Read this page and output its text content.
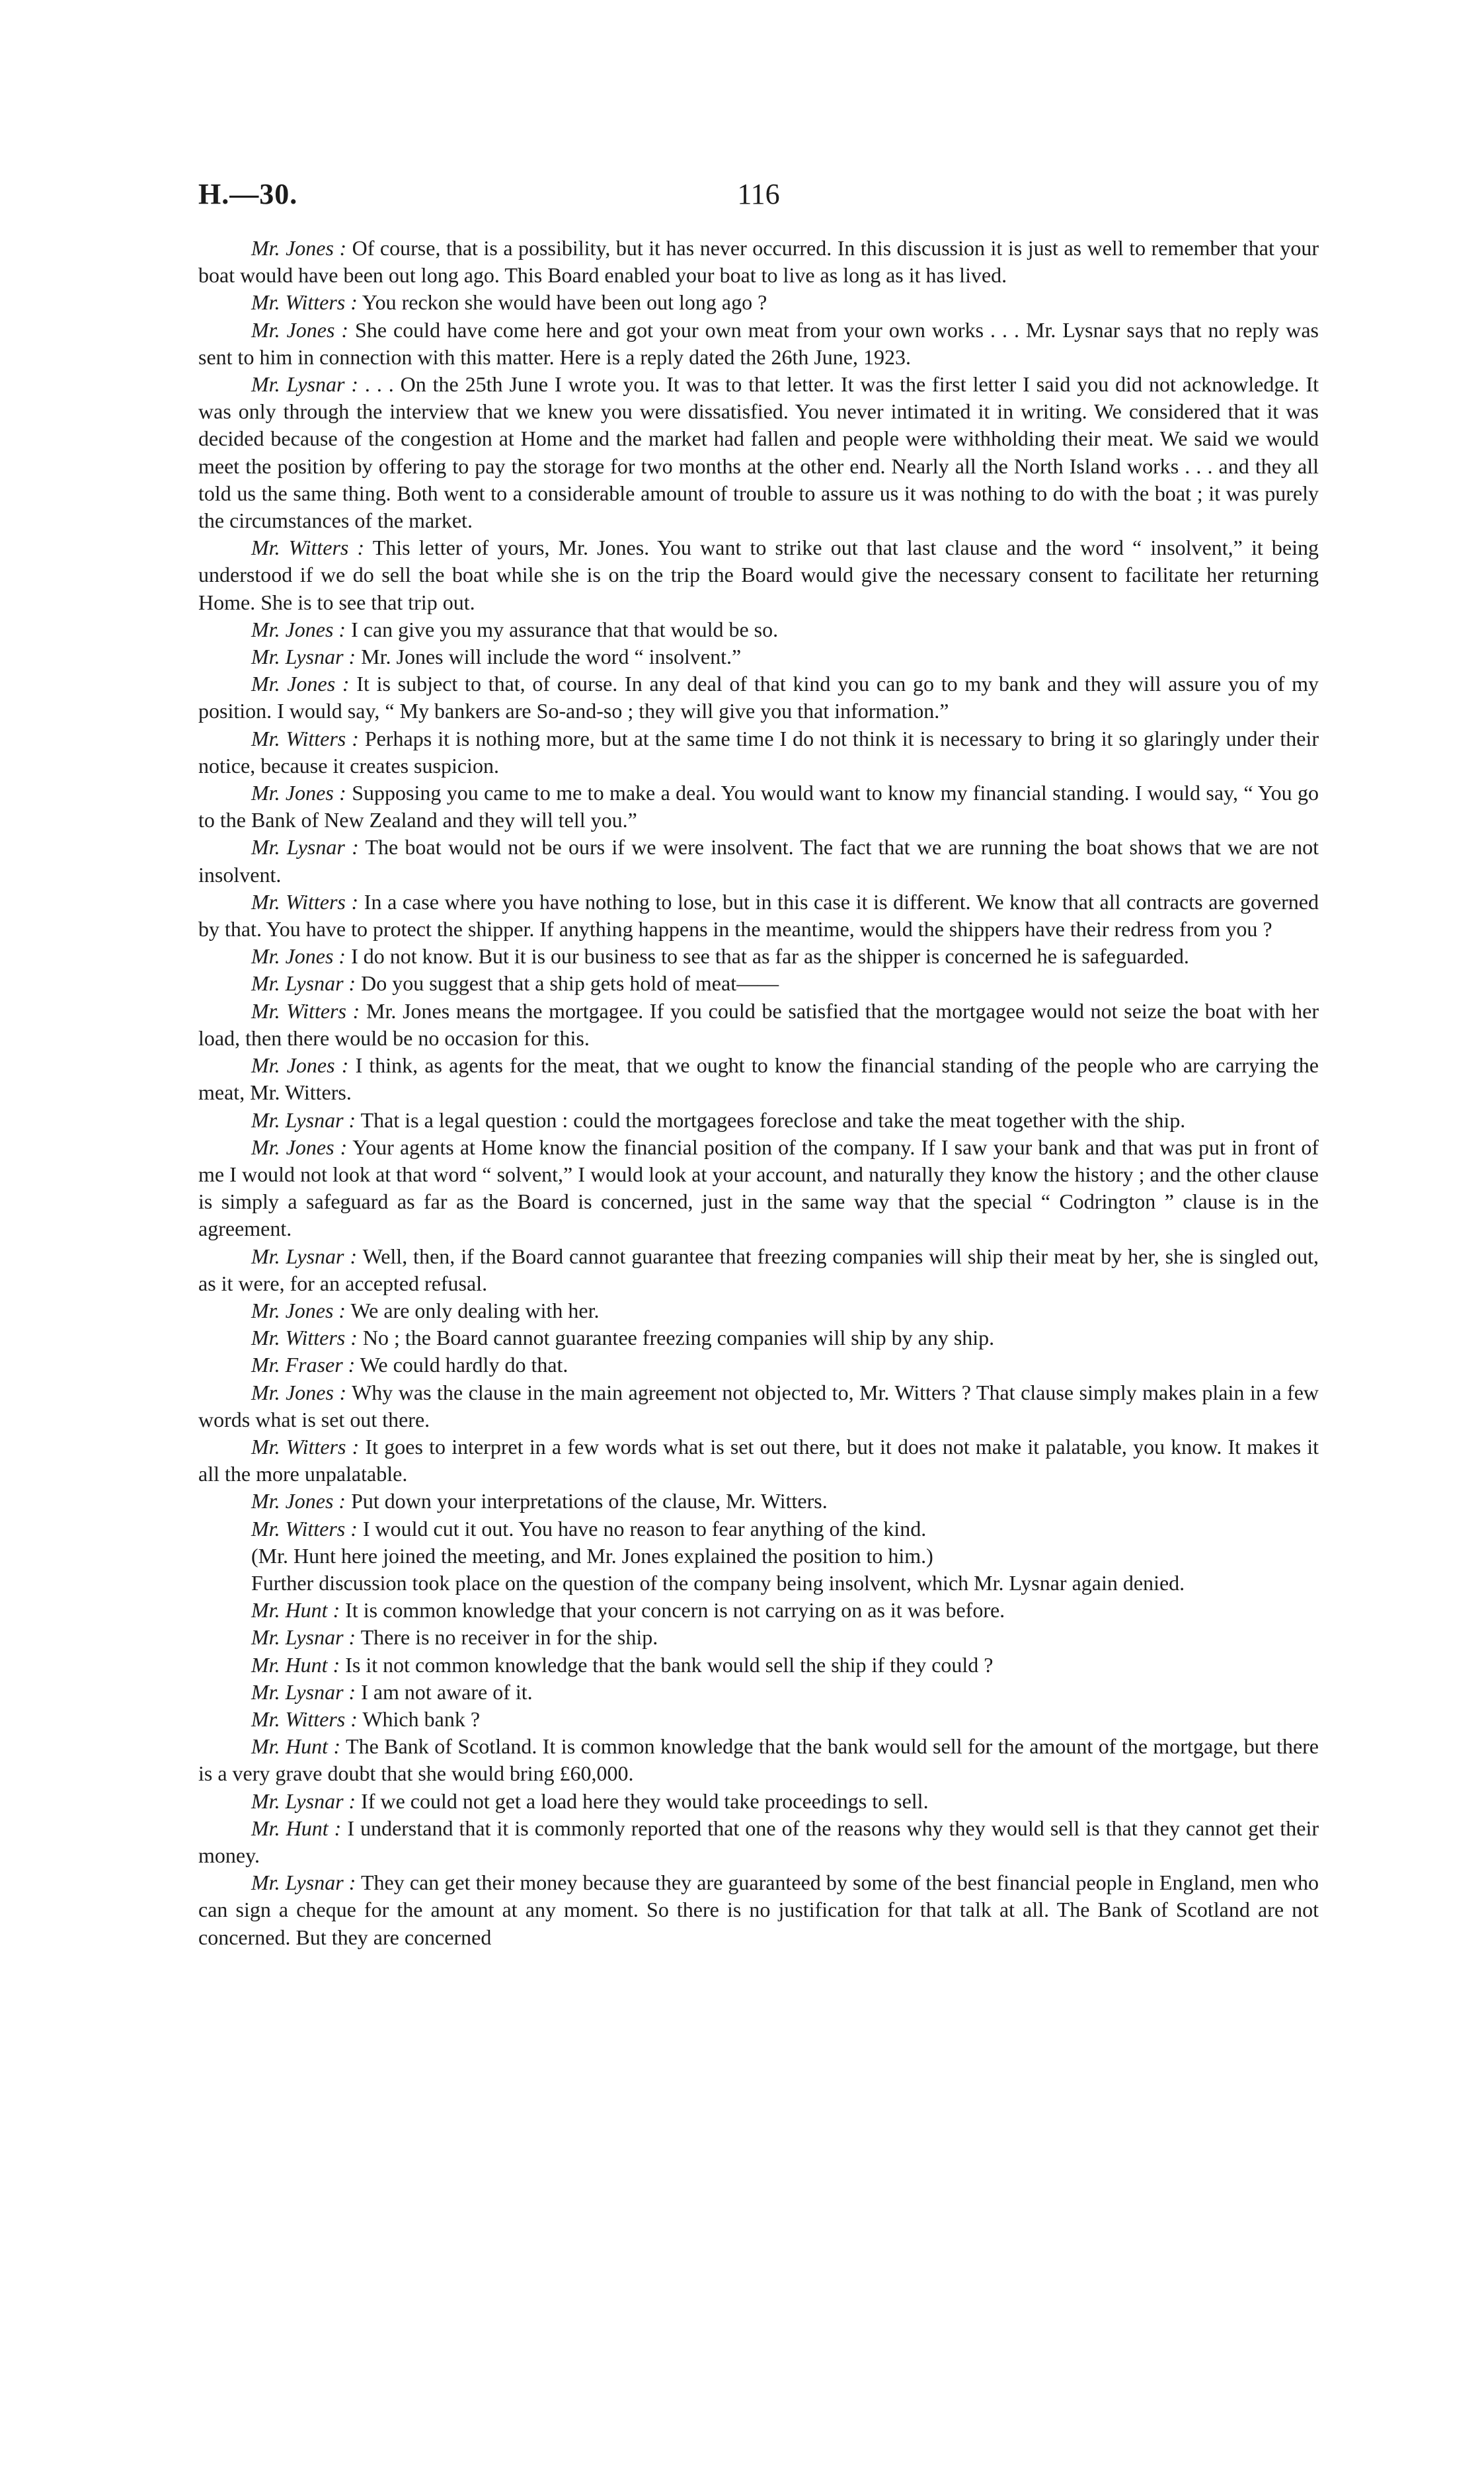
H.—30.	116

Mr. Jones : Of course, that is a possibility, but it has never occurred. In this discussion it is just as well to remember that your boat would have been out long ago. This Board enabled your boat to live as long as it has lived.

Mr. Witters : You reckon she would have been out long ago ?

Mr. Jones : She could have come here and got your own meat from your own works . . . Mr. Lysnar says that no reply was sent to him in connection with this matter. Here is a reply dated the 26th June, 1923.

Mr. Lysnar : . . . On the 25th June I wrote you. It was to that letter. It was the first letter I said you did not acknowledge. It was only through the interview that we knew you were dissatisfied. You never intimated it in writing. We considered that it was decided because of the congestion at Home and the market had fallen and people were withholding their meat. We said we would meet the position by offering to pay the storage for two months at the other end. Nearly all the North Island works . . . and they all told us the same thing. Both went to a considerable amount of trouble to assure us it was nothing to do with the boat ; it was purely the circumstances of the market.

Mr. Witters : This letter of yours, Mr. Jones. You want to strike out that last clause and the word “ insolvent,” it being understood if we do sell the boat while she is on the trip the Board would give the necessary consent to facilitate her returning Home. She is to see that trip out.

Mr. Jones : I can give you my assurance that that would be so.

Mr. Lysnar : Mr. Jones will include the word “ insolvent.”

Mr. Jones : It is subject to that, of course. In any deal of that kind you can go to my bank and they will assure you of my position. I would say, “ My bankers are So-and-so ; they will give you that information.”

Mr. Witters : Perhaps it is nothing more, but at the same time I do not think it is necessary to bring it so glaringly under their notice, because it creates suspicion.

Mr. Jones : Supposing you came to me to make a deal. You would want to know my financial standing. I would say, “ You go to the Bank of New Zealand and they will tell you.”

Mr. Lysnar : The boat would not be ours if we were insolvent. The fact that we are running the boat shows that we are not insolvent.

Mr. Witters : In a case where you have nothing to lose, but in this case it is different. We know that all contracts are governed by that. You have to protect the shipper. If anything happens in the meantime, would the shippers have their redress from you ?

Mr. Jones : I do not know. But it is our business to see that as far as the shipper is concerned he is safeguarded.

Mr. Lysnar : Do you suggest that a ship gets hold of meat——

Mr. Witters : Mr. Jones means the mortgagee. If you could be satisfied that the mortgagee would not seize the boat with her load, then there would be no occasion for this.

Mr. Jones : I think, as agents for the meat, that we ought to know the financial standing of the people who are carrying the meat, Mr. Witters.

Mr. Lysnar : That is a legal question : could the mortgagees foreclose and take the meat together with the ship.

Mr. Jones : Your agents at Home know the financial position of the company. If I saw your bank and that was put in front of me I would not look at that word “ solvent,” I would look at your account, and naturally they know the history ; and the other clause is simply a safeguard as far as the Board is concerned, just in the same way that the special “ Codrington ” clause is in the agreement.

Mr. Lysnar : Well, then, if the Board cannot guarantee that freezing companies will ship their meat by her, she is singled out, as it were, for an accepted refusal.

Mr. Jones : We are only dealing with her.

Mr. Witters : No ; the Board cannot guarantee freezing companies will ship by any ship.

Mr. Fraser : We could hardly do that.

Mr. Jones : Why was the clause in the main agreement not objected to, Mr. Witters ? That clause simply makes plain in a few words what is set out there.

Mr. Witters : It goes to interpret in a few words what is set out there, but it does not make it palatable, you know. It makes it all the more unpalatable.

Mr. Jones : Put down your interpretations of the clause, Mr. Witters.

Mr. Witters : I would cut it out. You have no reason to fear anything of the kind.

(Mr. Hunt here joined the meeting, and Mr. Jones explained the position to him.)

Further discussion took place on the question of the company being insolvent, which Mr. Lysnar again denied.

Mr. Hunt : It is common knowledge that your concern is not carrying on as it was before.

Mr. Lysnar : There is no receiver in for the ship.

Mr. Hunt : Is it not common knowledge that the bank would sell the ship if they could ?

Mr. Lysnar : I am not aware of it.

Mr. Witters : Which bank ?

Mr. Hunt : The Bank of Scotland. It is common knowledge that the bank would sell for the amount of the mortgage, but there is a very grave doubt that she would bring £60,000.

Mr. Lysnar : If we could not get a load here they would take proceedings to sell.

Mr. Hunt : I understand that it is commonly reported that one of the reasons why they would sell is that they cannot get their money.

Mr. Lysnar : They can get their money because they are guaranteed by some of the best financial people in England, men who can sign a cheque for the amount at any moment. So there is no justification for that talk at all. The Bank of Scotland are not concerned. But they are concerned
